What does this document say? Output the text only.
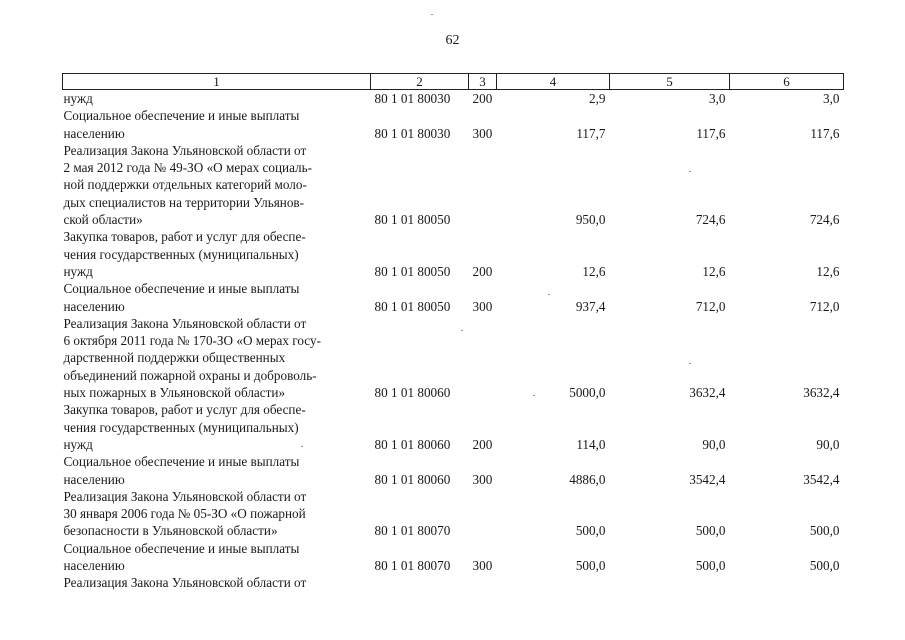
62
1	2	3	4	5	6

нужд	80 1 01 80030	200	2,9	3,0	3,0

Социальное обеспечение и иные выплаты
населению	80 1 01 80030	300	117,7	117,6	117,6

Реализация Закона Ульяновской области от
2 мая 2012 года № 49-ЗО «О мерах социаль-
ной поддержки отдельных категорий моло-
дых специалистов на территории Ульянов-
ской области»	80 1 01 80050		950,0	724,6	724,6

Закупка товаров, работ и услуг для обеспе-
чения государственных (муниципальных)
нужд	80 1 01 80050	200	12,6	12,6	12,6

Социальное обеспечение и иные выплаты
населению	80 1 01 80050	300	937,4	712,0	712,0

Реализация Закона Ульяновской области от
6 октября 2011 года № 170-ЗО «О мерах госу-
дарственной поддержки общественных
объединений пожарной охраны и доброволь-
ных пожарных в Ульяновской области»	80 1 01 80060		5000,0	3632,4	3632,4

Закупка товаров, работ и услуг для обеспе-
чения государственных (муниципальных)
нужд	80 1 01 80060	200	114,0	90,0	90,0

Социальное обеспечение и иные выплаты
населению	80 1 01 80060	300	4886,0	3542,4	3542,4

Реализация Закона Ульяновской области от
30 января 2006 года № 05-ЗО «О пожарной
безопасности в Ульяновской области»	80 1 01 80070		500,0	500,0	500,0

Социальное обеспечение и иные выплаты
населению	80 1 01 80070	300	500,0	500,0	500,0

Реализация Закона Ульяновской области от					
